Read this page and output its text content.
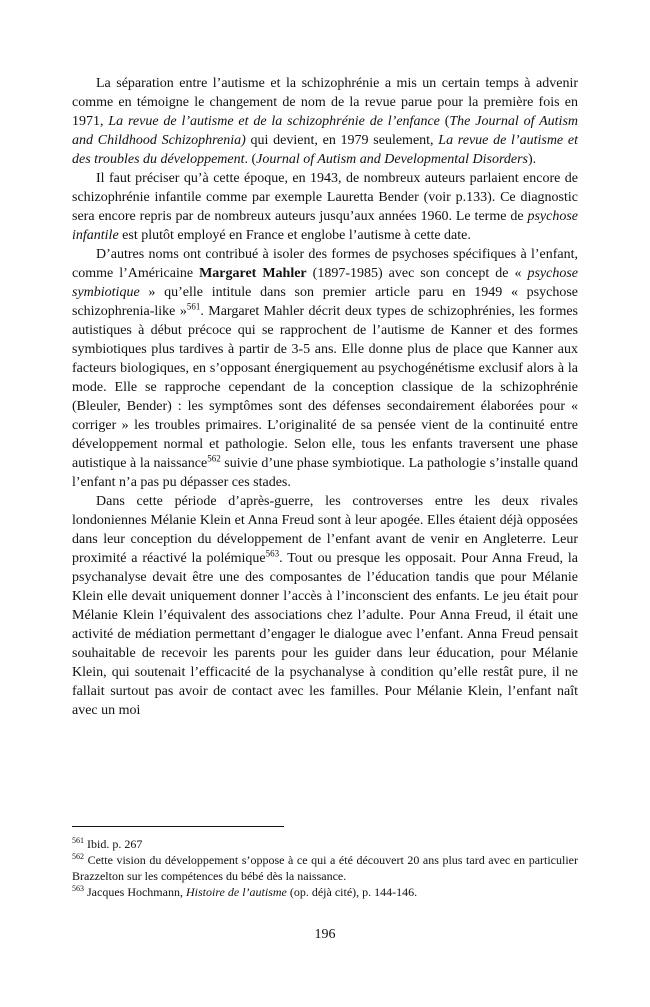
La séparation entre l’autisme et la schizophrénie a mis un certain temps à advenir comme en témoigne le changement de nom de la revue parue pour la première fois en 1971, La revue de l’autisme et de la schizophrénie de l’enfance (The Journal of Autism and Childhood Schizophrenia) qui devient, en 1979 seulement, La revue de l’autisme et des troubles du développement. (Journal of Autism and Developmental Disorders).

Il faut préciser qu’à cette époque, en 1943, de nombreux auteurs parlaient encore de schizophrénie infantile comme par exemple Lauretta Bender (voir p.133). Ce diagnostic sera encore repris par de nombreux auteurs jusqu’aux années 1960. Le terme de psychose infantile est plutôt employé en France et englobe l’autisme à cette date.

D’autres noms ont contribué à isoler des formes de psychoses spécifiques à l’enfant, comme l’Américaine Margaret Mahler (1897-1985) avec son concept de « psychose symbiotique » qu’elle intitule dans son premier article paru en 1949 « psychose schizophrenia-like »$^{561}$. Margaret Mahler décrit deux types de schizophrénies, les formes autistiques à début précoce qui se rapprochent de l’autisme de Kanner et des formes symbiotiques plus tardives à partir de 3-5 ans. Elle donne plus de place que Kanner aux facteurs biologiques, en s’opposant énergiquement au psychogénétisme exclusif alors à la mode. Elle se rapproche cependant de la conception classique de la schizophrénie (Bleuler, Bender) : les symptômes sont des défenses secondairement élaborées pour « corriger » les troubles primaires. L’originalité de sa pensée vient de la continuité entre développement normal et pathologie. Selon elle, tous les enfants traversent une phase autistique à la naissance$^{562}$ suivie d’une phase symbiotique. La pathologie s’installe quand l’enfant n’a pas pu dépasser ces stades.

Dans cette période d’après-guerre, les controverses entre les deux rivales londoniennes Mélanie Klein et Anna Freud sont à leur apogée. Elles étaient déjà opposées dans leur conception du développement de l’enfant avant de venir en Angleterre. Leur proximité a réactivé la polémique$^{563}$. Tout ou presque les opposait. Pour Anna Freud, la psychanalyse devait être une des composantes de l’éducation tandis que pour Mélanie Klein elle devait uniquement donner l’accès à l’inconscient des enfants. Le jeu était pour Mélanie Klein l’équivalent des associations chez l’adulte. Pour Anna Freud, il était une activité de médiation permettant d’engager le dialogue avec l’enfant. Anna Freud pensait souhaitable de recevoir les parents pour les guider dans leur éducation, pour Mélanie Klein, qui soutenait l’efficacité de la psychanalyse à condition qu’elle restât pure, il ne fallait surtout pas avoir de contact avec les familles. Pour Mélanie Klein, l’enfant naît avec un moi

$^{561}$ Ibid. p. 267

$^{562}$ Cette vision du développement s’oppose à ce qui a été découvert 20 ans plus tard avec en particulier Brazzelton sur les compétences du bébé dès la naissance.

$^{563}$ Jacques Hochmann, Histoire de l’autisme (op. déjà cité), p. 144-146.

196
